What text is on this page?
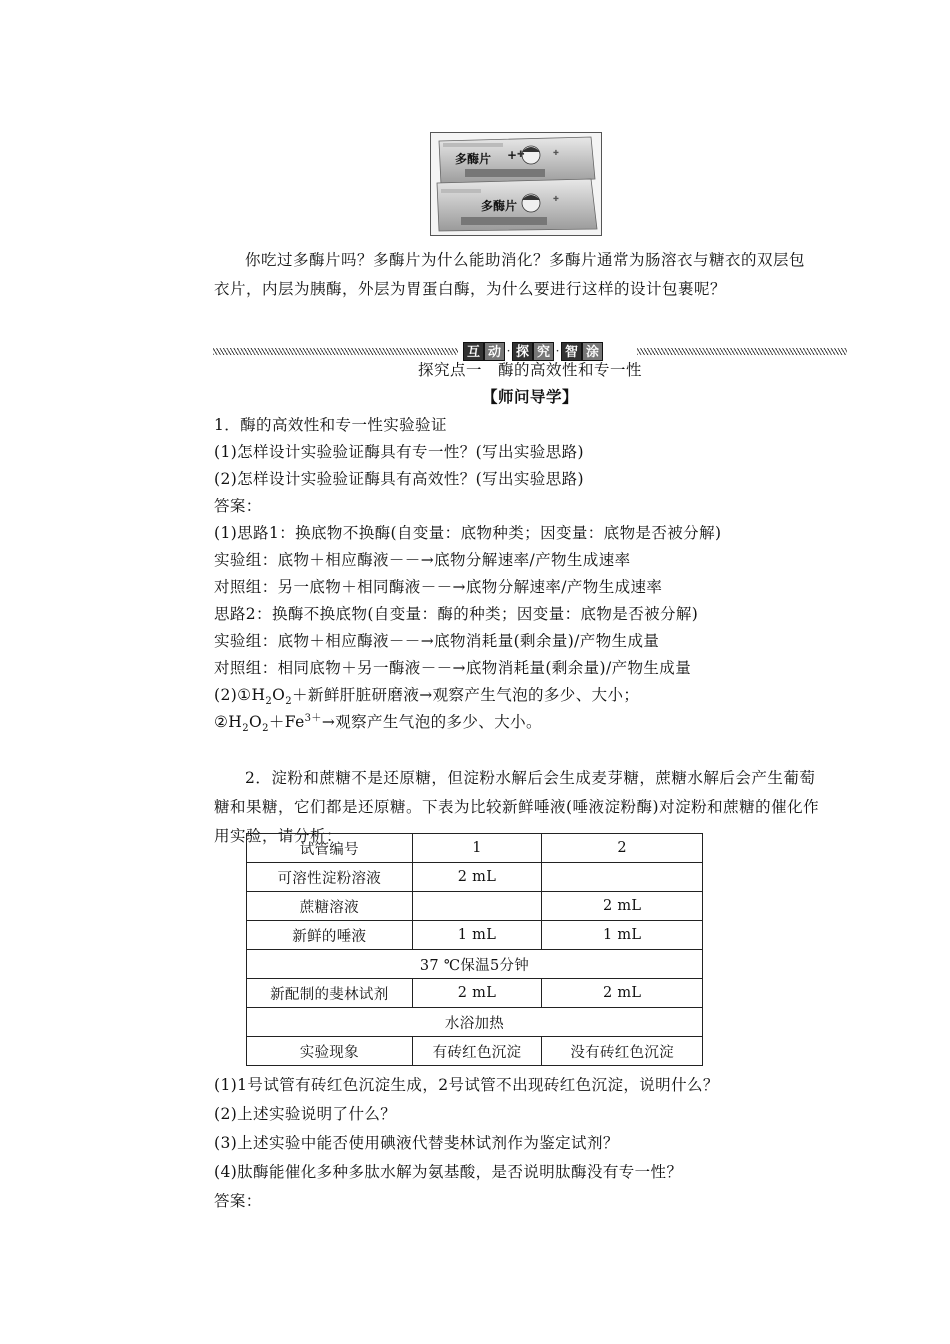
✚	✚
✚
多酶片 +
多酶片

你吃过多酶片吗？多酶片为什么能助消化？多酶片通常为肠溶衣与糖衣的双层包衣片，内层为胰酶，外层为胃蛋白酶，为什么要进行这样的设计包裹呢？

互 动 · 探 究 · 智 涂
探究点一　酶的高效性和专一性
【师问导学】
1．酶的高效性和专一性实验验证
(1)怎样设计实验验证酶具有专一性？(写出实验思路)
(2)怎样设计实验验证酶具有高效性？(写出实验思路)
答案：
(1)思路1：换底物不换酶(自变量：底物种类；因变量：底物是否被分解)
实验组：底物＋相应酶液－－→底物分解速率/产物生成速率
对照组：另一底物＋相同酶液－－→底物分解速率/产物生成速率
思路2：换酶不换底物(自变量：酶的种类；因变量：底物是否被分解)
实验组：底物＋相应酶液－－→底物消耗量(剩余量)/产物生成量
对照组：相同底物＋另一酶液－－→底物消耗量(剩余量)/产物生成量
$(2)①H_2O_2+$新鲜肝脏研磨液→观察产生气泡的多少、大小；
$②H_2O_2+Fe^{3+}\to$观察产生气泡的多少、大小。

2．淀粉和蔗糖不是还原糖，但淀粉水解后会生成麦芽糖，蔗糖水解后会产生葡萄糖和果糖，它们都是还原糖。下表为比较新鲜唾液(唾液淀粉酶)对淀粉和蔗糖的催化作用实验，请分析：

试管编号	1	2
可溶性淀粉溶液	2 mL	
蔗糖溶液		2 mL
新鲜的唾液	1 mL	1 mL
37 ℃保温5分钟		
新配制的斐林试剂	2 mL	2 mL
水浴加热		
实验现象	有砖红色沉淀	没有砖红色沉淀
(1)1号试管有砖红色沉淀生成，2号试管不出现砖红色沉淀，说明什么？
(2)上述实验说明了什么？
(3)上述实验中能否使用碘液代替斐林试剂作为鉴定试剂？
(4)肽酶能催化多种多肽水解为氨基酸，是否说明肽酶没有专一性？
答案：
